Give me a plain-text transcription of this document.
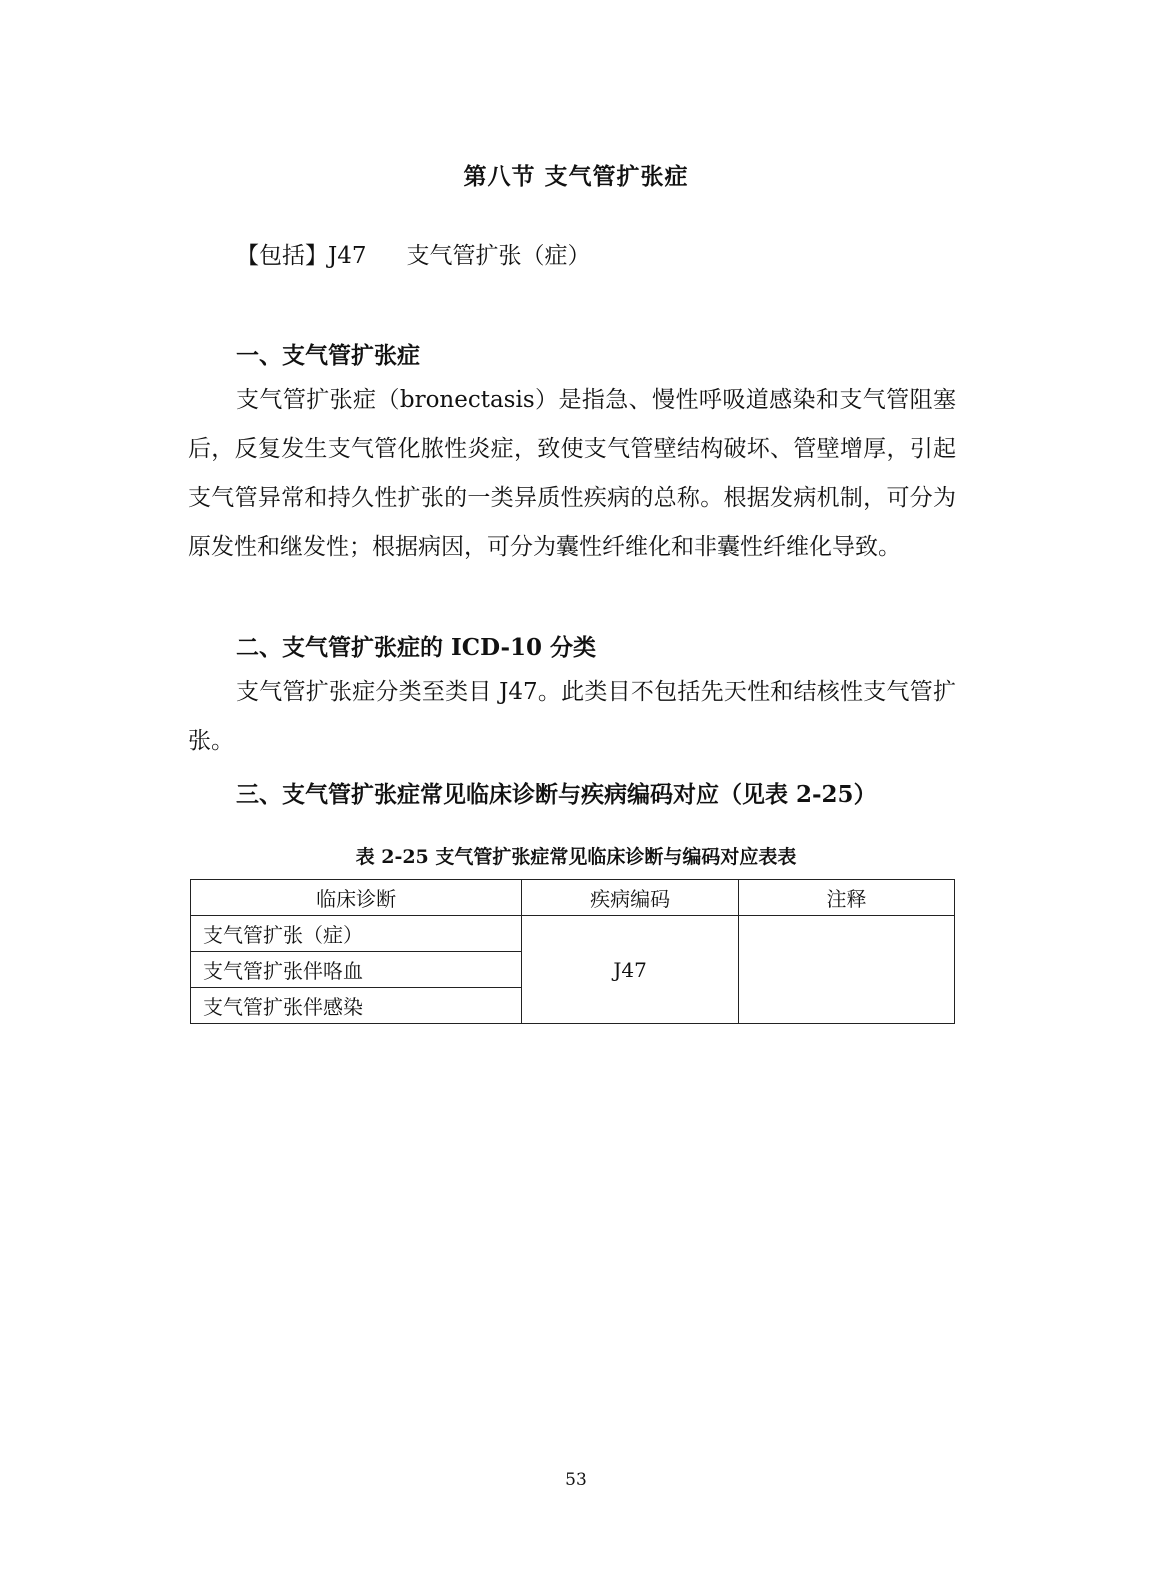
第八节 支气管扩张症
【包括】J47 支气管扩张（症）
一、支气管扩张症

支气管扩张症（bronectasis）是指急、慢性呼吸道感染和支气管阻塞后，反复发生支气管化脓性炎症，致使支气管壁结构破坏、管壁增厚，引起支气管异常和持久性扩张的一类异质性疾病的总称。根据发病机制，可分为原发性和继发性；根据病因，可分为囊性纤维化和非囊性纤维化导致。

二、支气管扩张症的 ICD-10 分类

支气管扩张症分类至类目 J47。此类目不包括先天性和结核性支气管扩张。

三、支气管扩张症常见临床诊断与疾病编码对应（见表 2-25）
表 2-25 支气管扩张症常见临床诊断与编码对应表表
临床诊断	疾病编码	注释
支气管扩张（症）	J47	
支气管扩张伴咯血		
支气管扩张伴感染		
53
